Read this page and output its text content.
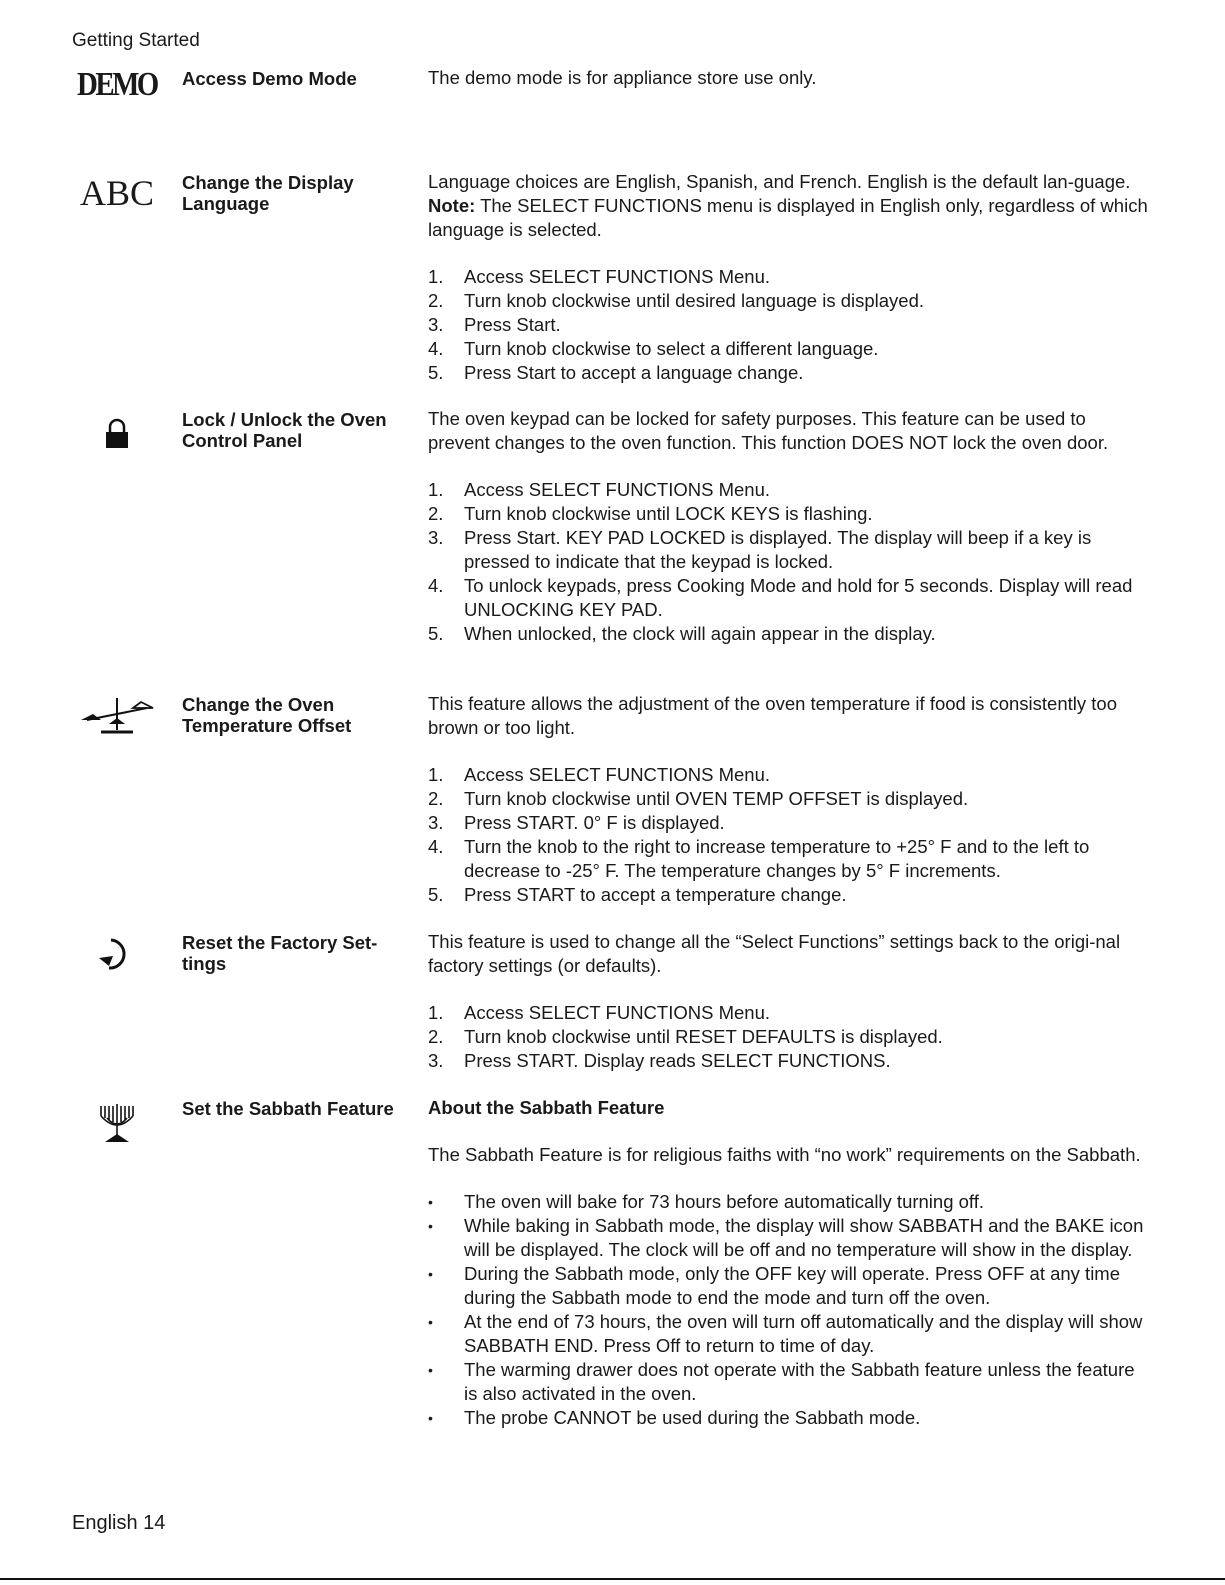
Getting Started
DEMO Access Demo Mode	The demo mode is for appliance store use only.

ABC Change the Display Language

Language choices are English, Spanish, and French. English is the default lan-guage. Note: The SELECT FUNCTIONS menu is displayed in English only, regardless of which language is selected.

1. Access SELECT FUNCTIONS Menu.
2. Turn knob clockwise until desired language is displayed.
3. Press Start.
4. Turn knob clockwise to select a different language.
5. Press Start to accept a language change.
Lock / Unlock the Oven Control Panel

The oven keypad can be locked for safety purposes. This feature can be used to prevent changes to the oven function. This function DOES NOT lock the oven door.

1. Access SELECT FUNCTIONS Menu.
2. Turn knob clockwise until LOCK KEYS is flashing.
3. Press Start. KEY PAD LOCKED is displayed. The display will beep if a key is pressed to indicate that the keypad is locked.
4. To unlock keypads, press Cooking Mode and hold for 5 seconds. Display will read UNLOCKING KEY PAD.
5. When unlocked, the clock will again appear in the display.
Change the Oven Temperature Offset

This feature allows the adjustment of the oven temperature if food is consistently too brown or too light.

1. Access SELECT FUNCTIONS Menu.
2. Turn knob clockwise until OVEN TEMP OFFSET is displayed.
3. Press START. 0° F is displayed.
4. Turn the knob to the right to increase temperature to +25° F and to the left to decrease to -25° F. The temperature changes by 5° F increments.
5. Press START to accept a temperature change.
Reset the Factory Set-tings

This feature is used to change all the “Select Functions” settings back to the origi-nal factory settings (or defaults).

1. Access SELECT FUNCTIONS Menu.
2. Turn knob clockwise until RESET DEFAULTS is displayed.
3. Press START. Display reads SELECT FUNCTIONS.
Set the Sabbath Feature	About the Sabbath Feature

The Sabbath Feature is for religious faiths with “no work” requirements on the Sabbath.

• The oven will bake for 73 hours before automatically turning off.
• While baking in Sabbath mode, the display will show SABBATH and the BAKE icon will be displayed. The clock will be off and no temperature will show in the display.
• During the Sabbath mode, only the OFF key will operate. Press OFF at any time during the Sabbath mode to end the mode and turn off the oven.
• At the end of 73 hours, the oven will turn off automatically and the display will show SABBATH END. Press Off to return to time of day.
• The warming drawer does not operate with the Sabbath feature unless the feature is also activated in the oven.
• The probe CANNOT be used during the Sabbath mode.
English 14
